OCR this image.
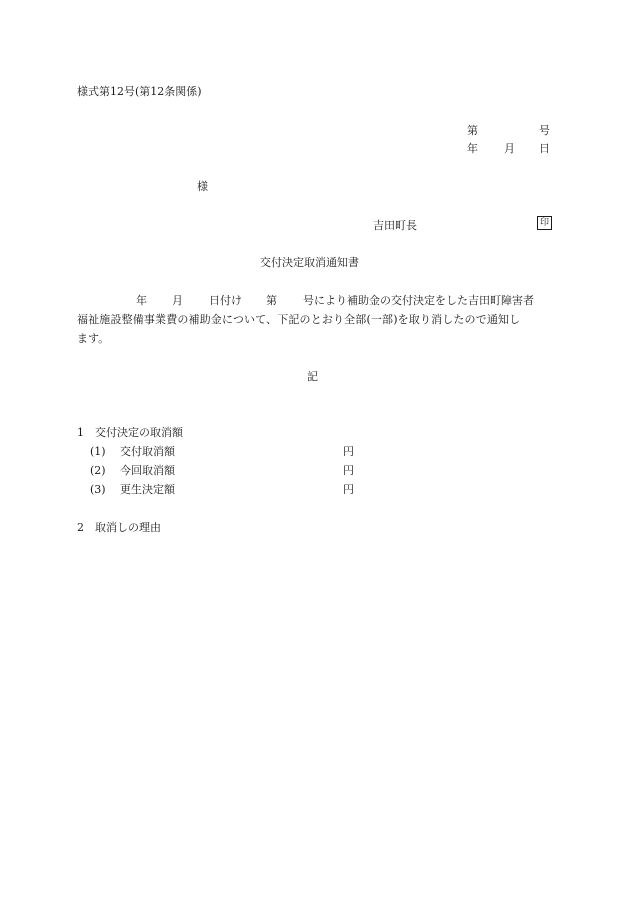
様式第12号(第12条関係)
第	号
年 月 日
様
吉田町長	印
交付決定取消通知書
年 月 日付け 第 号により補助金の交付決定をした吉田町障害者
福祉施設整備事業費の補助金について、下記のとおり全部(一部)を取り消したので通知し
ます。
記
1　交付決定の取消額
(1) 交付取消額	円
(2) 今回取消額	円
(3) 更生決定額	円
2　取消しの理由
